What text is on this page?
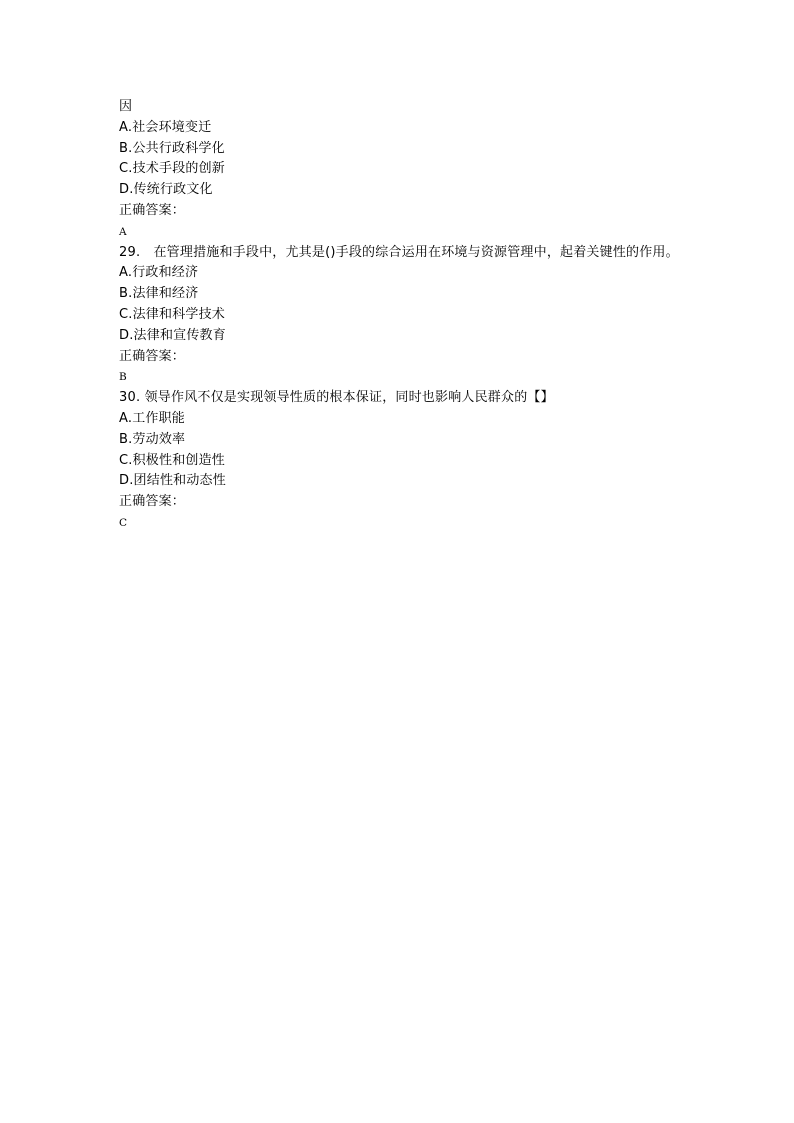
因
A.社会环境变迁
B.公共行政科学化
C.技术手段的创新
D.传统行政文化
正确答案：
A
29.　在管理措施和手段中，尤其是()手段的综合运用在环境与资源管理中，起着关键性的作用。
A.行政和经济
B.法律和经济
C.法律和科学技术
D.法律和宣传教育
正确答案：
B
30. 领导作风不仅是实现领导性质的根本保证，同时也影响人民群众的【】
A.工作职能
B.劳动效率
C.积极性和创造性
D.团结性和动态性
正确答案：
C
